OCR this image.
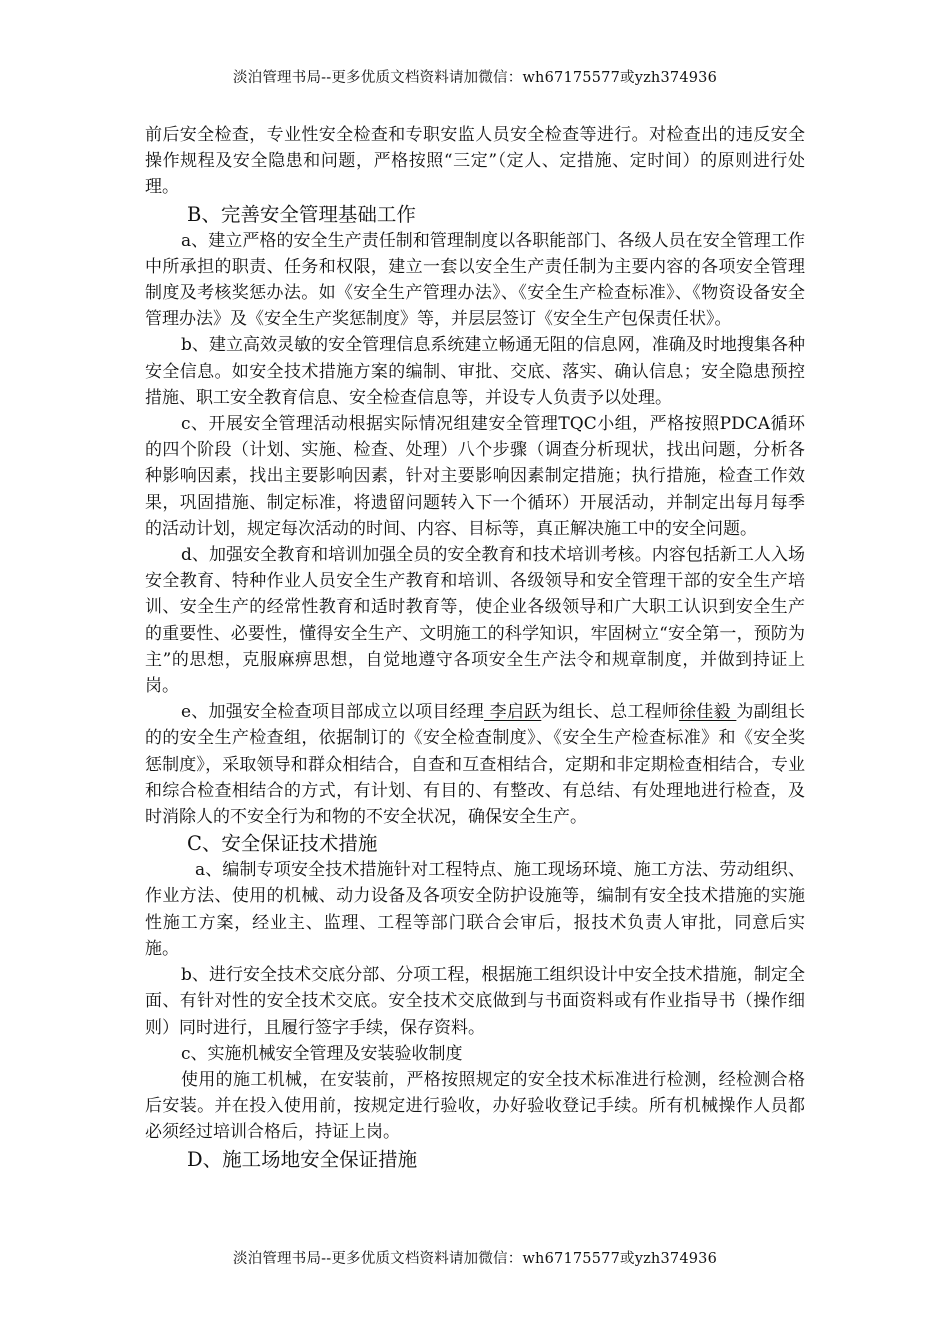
淡泊管理书局--更多优质文档资料请加微信：wh67175577或yzh374936

前后安全检查，专业性安全检查和专职安监人员安全检查等进行。对检查出的违反安全操作规程及安全隐患和问题，严格按照“三定”（定人、定措施、定时间）的原则进行处理。

B、完善安全管理基础工作

a、建立严格的安全生产责任制和管理制度以各职能部门、各级人员在安全管理工作中所承担的职责、任务和权限，建立一套以安全生产责任制为主要内容的各项安全管理制度及考核奖惩办法。如《安全生产管理办法》、《安全生产检查标准》、《物资设备安全管理办法》及《安全生产奖惩制度》等，并层层签订《安全生产包保责任状》。

b、建立高效灵敏的安全管理信息系统建立畅通无阻的信息网，准确及时地搜集各种安全信息。如安全技术措施方案的编制、审批、交底、落实、确认信息；安全隐患预控措施、职工安全教育信息、安全检查信息等，并设专人负责予以处理。

c、开展安全管理活动根据实际情况组建安全管理TQC小组，严格按照PDCA循环的四个阶段（计划、实施、检查、处理）八个步骤（调查分析现状，找出问题，分析各种影响因素，找出主要影响因素，针对主要影响因素制定措施；执行措施，检查工作效果，巩固措施、制定标准，将遗留问题转入下一个循环）开展活动，并制定出每月每季的活动计划，规定每次活动的时间、内容、目标等，真正解决施工中的安全问题。

d、加强安全教育和培训加强全员的安全教育和技术培训考核。内容包括新工人入场安全教育、特种作业人员安全生产教育和培训、各级领导和安全管理干部的安全生产培训、安全生产的经常性教育和适时教育等，使企业各级领导和广大职工认识到安全生产的重要性、必要性，懂得安全生产、文明施工的科学知识，牢固树立“安全第一，预防为主”的思想，克服麻痹思想，自觉地遵守各项安全生产法令和规章制度，并做到持证上岗。

e、加强安全检查项目部成立以项目经理 李启跃为组长、总工程师徐佳毅 为副组长的的安全生产检查组，依据制订的《安全检查制度》、《安全生产检查标准》和《安全奖惩制度》，采取领导和群众相结合，自查和互查相结合，定期和非定期检查相结合，专业和综合检查相结合的方式，有计划、有目的、有整改、有总结、有处理地进行检查，及时消除人的不安全行为和物的不安全状况，确保安全生产。

C、安全保证技术措施

a、编制专项安全技术措施针对工程特点、施工现场环境、施工方法、劳动组织、作业方法、使用的机械、动力设备及各项安全防护设施等，编制有安全技术措施的实施性施工方案，经业主、监理、工程等部门联合会审后，报技术负责人审批，同意后实施。

b、进行安全技术交底分部、分项工程，根据施工组织设计中安全技术措施，制定全面、有针对性的安全技术交底。安全技术交底做到与书面资料或有作业指导书（操作细则）同时进行，且履行签字手续，保存资料。

c、实施机械安全管理及安装验收制度

使用的施工机械，在安装前，严格按照规定的安全技术标准进行检测，经检测合格后安装。并在投入使用前，按规定进行验收，办好验收登记手续。所有机械操作人员都必须经过培训合格后，持证上岗。

D、施工场地安全保证措施
淡泊管理书局--更多优质文档资料请加微信：wh67175577或yzh374936
